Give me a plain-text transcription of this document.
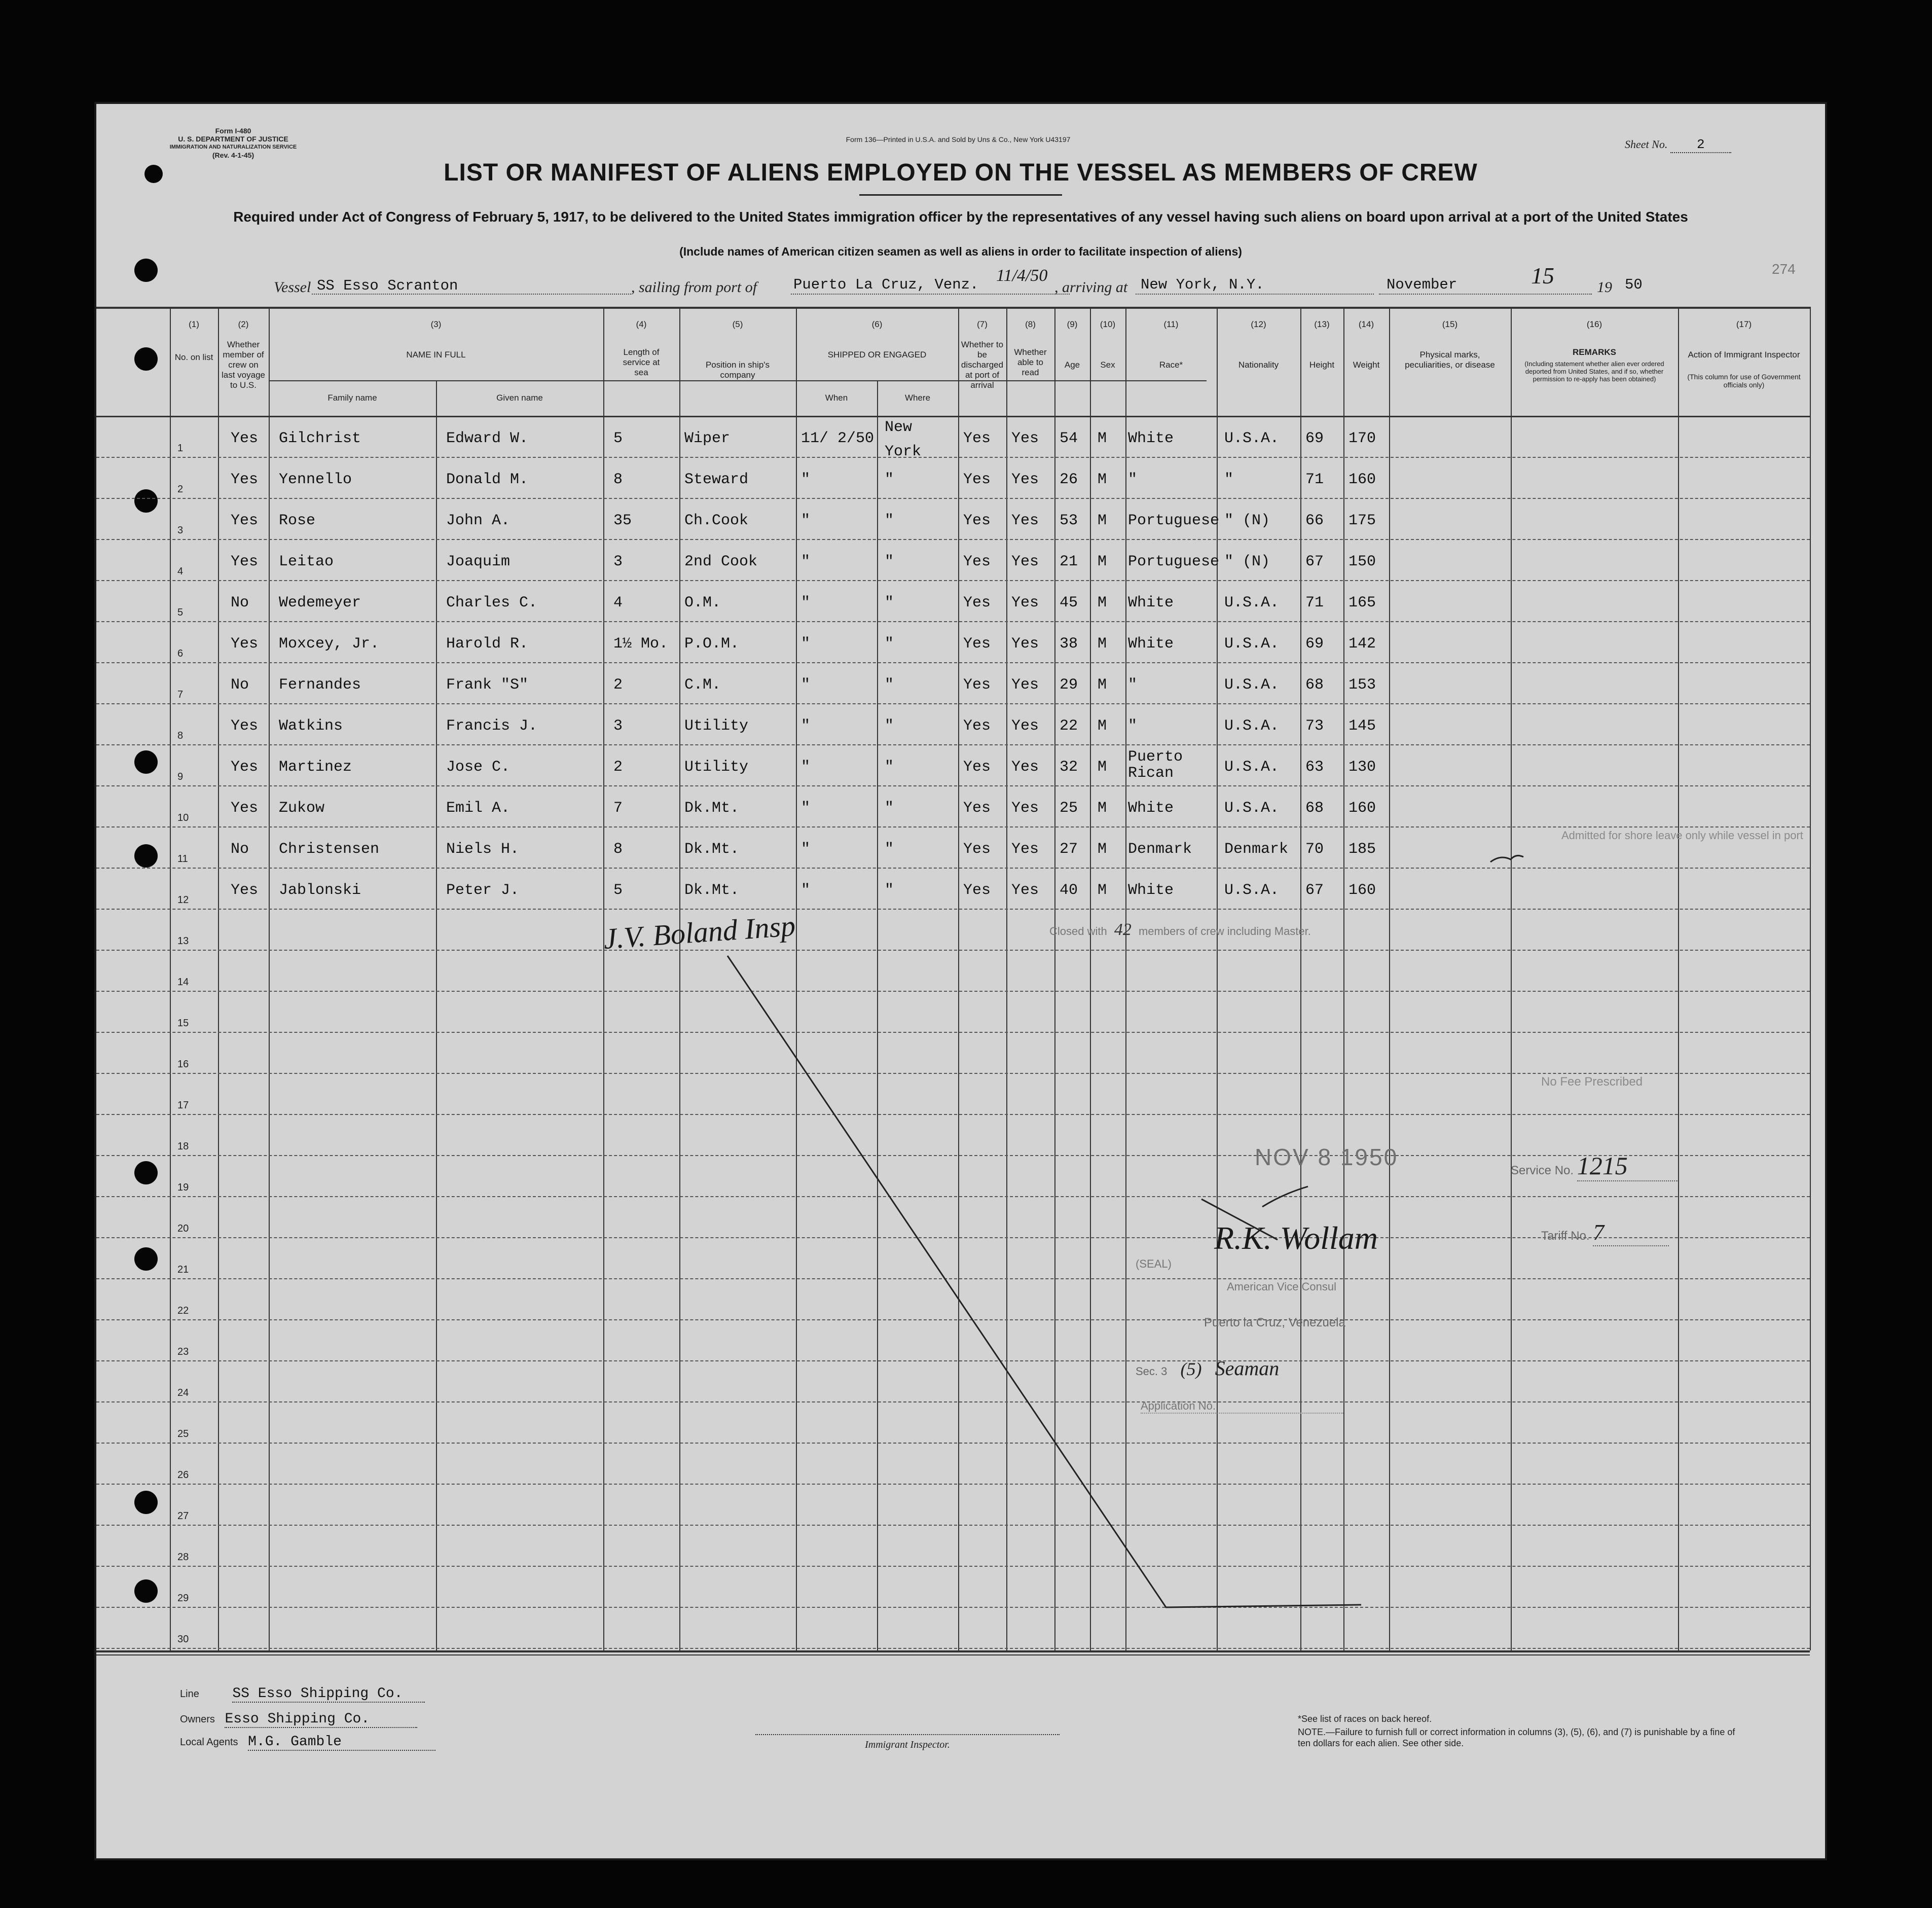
Form I-480
U. S. DEPARTMENT OF JUSTICE
IMMIGRATION AND NATURALIZATION SERVICE
(Rev. 4-1-45)
Form 136—Printed in U.S.A. and Sold by Uns & Co., New York U43197	Sheet No. 2
LIST OR MANIFEST OF ALIENS EMPLOYED ON THE VESSEL AS MEMBERS OF CREW
Required under Act of Congress of February 5, 1917, to be delivered to the United States immigration officer by the representatives of any vessel having such aliens on board upon arrival at a port of the United States
(Include names of American citizen seamen as well as aliens in order to facilitate inspection of aliens)
274
Vessel SS Esso Scranton	, sailing from port of Puerto La Cruz, Venz. 11/4/50
, arriving at New York, N.Y.	November	15	19 50
(1)
No. on list
(2)
Whether member of crew on last voyage to U.S.
(3)
NAME IN FULL
Family name	Given name
(4)
Length of service at sea
(5)
Position in ship's company
(6)
SHIPPED OR ENGAGED
When	Where
(7)
Whether to be discharged at port of arrival
(8)
Whether able to read
(9)
Age
(10)
Sex
(11)
Race*
(12)
Nationality
(13)
Height
(14)
Weight
(15)
Physical marks, peculiarities, or disease
(16)
REMARKS
(Including statement whether alien ever ordered deported from United States, and if so, whether permission to re-apply has been obtained)
(17)
Action of Immigrant Inspector
(This column for use of Government officials only)
1
2
3
4
5
6
7
8
9
10
11
12
13
14
15
16
17
18
19
20
21
22
23
24
25
26
27
28
29
30
Yes Gilchrist	Edward W.	5	Wiper	11/ 2/50
New York
Yes Yes 54 M White	U.S.A. 69 170
Yes Yennello	Donald M.	8	Steward	"	"	Yes Yes 26 M "	"	71 160
Yes Rose	John A.	35	Ch.Cook	"	"	Yes Yes 53 M Portuguese " (N) 66 175
Yes Leitao	Joaquim	3	2nd Cook	"	"	Yes Yes 21 M Portuguese " (N) 67 150
No Wedemeyer	Charles C.	4	O.M.	"	"	Yes Yes 45 M White	U.S.A. 71 165
Yes Moxcey, Jr.	Harold R.	1½ Mo. P.O.M.	"	"	Yes Yes 38 M White	U.S.A. 69 142
No Fernandes	Frank "S"	2	C.M.	"	"	Yes Yes 29 M "	U.S.A. 68 153
Yes Watkins	Francis J.	3	Utility	"	"	Yes Yes 22 M "	U.S.A. 73 145
Yes Martinez	Jose C.	2	Utility	"	"	Yes Yes 32 M
Puerto Rican	U.S.A. 63 130
Yes Zukow	Emil A.	7	Dk.Mt.	"	"	Yes Yes 25 M White	U.S.A. 68 160
No Christensen	Niels H.	8	Dk.Mt.	"	"	Yes Yes 27 M Denmark Denmark 70 185
Yes Jablonski	Peter J.	5	Dk.Mt.	"	"	Yes Yes 40 M White	U.S.A. 67 160
Closed with 42 members of crew including Master.
Admitted for shore leave only while vessel in port
J.V. Boland Insp
No Fee Prescribed
NOV 8 1950
Service No. 1215
Tariff No. 7
(SEAL)
R.K. Wollam
American Vice Consul
Puerto la Cruz, Venezuela
Sec. 3 (5) Seaman
Application No.
Line SS Esso Shipping Co.
Owners Esso Shipping Co.
Local Agents M.G. Gamble	Immigrant Inspector.
*See list of races on back hereof.
NOTE.—Failure to furnish full or correct information in columns (3), (5), (6), and (7) is punishable by a fine of ten dollars for each alien. See other side.
